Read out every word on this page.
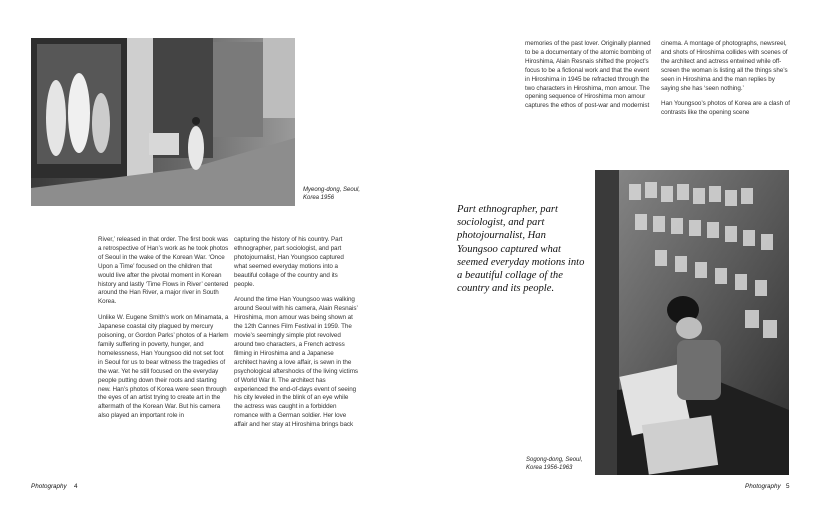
Myeong-dong, Seoul,
Korea 1956

River,’ released in that order. The first book was a retrospective of Han’s work as he took photos of Seoul in the wake of the Korean War. ‘Once Upon a Time’ focused on the children that would live after the pivotal moment in Korean history and lastly ‘Time Flows in River’ centered around the Han River, a major river in South Korea.

Unlike W. Eugene Smith’s work on Minamata, a Japanese coastal city plagued by mercury poisoning, or Gordon Parks’ photos of a Harlem family suffering in poverty, hunger, and homelessness, Han Youngsoo did not set foot in Seoul for us to bear witness the tragedies of the war. Yet he still focused on the everyday people putting down their roots and starting new. Han’s photos of Korea were seen through the eyes of an artist trying to create art in the aftermath of the Korean War. But his camera also played an important role in

capturing the history of his country. Part ethnographer, part sociologist, and part photojournalist, Han Youngsoo captured what seemed everyday motions into a beautiful collage of the country and its people.

Around the time Han Youngsoo was walking around Seoul with his camera, Alain Resnais’ Hiroshima, mon amour was being shown at the 12th Cannes Film Festival in 1959. The movie’s seemingly simple plot revolved around two characters, a French actress filming in Hiroshima and a Japanese architect having a love affair, is sewn in the psychological aftershocks of the living victims of World War II. The architect has experienced the end-of-days event of seeing his city leveled in the blink of an eye while the actress was caught in a forbidden romance with a German soldier. Her love affair and her stay at Hiroshima brings back

Photography 4

memories of the past lover. Originally planned to be a documentary of the atomic bombing of Hiroshima, Alain Resnais shifted the project’s focus to be a fictional work and that the event in Hiroshima in 1945 be refracted through the two characters in Hiroshima, mon amour. The opening sequence of Hiroshima mon amour captures the ethos of post-war and modernist

cinema. A montage of photographs, newsreel, and shots of Hiroshima collides with scenes of the architect and actress entwined while off-screen the woman is listing all the things she’s seen in Hiroshima and the man replies by saying she has ‘seen nothing.’

Han Youngsoo’s photos of Korea are a clash of contrasts like the opening scene

Part ethnographer, part sociologist, and part photojournalist, Han Youngsoo captured what seemed everyday motions into a beautiful collage of the country and its people.
Sogong-dong, Seoul,
Korea 1956-1963
Photography 5
